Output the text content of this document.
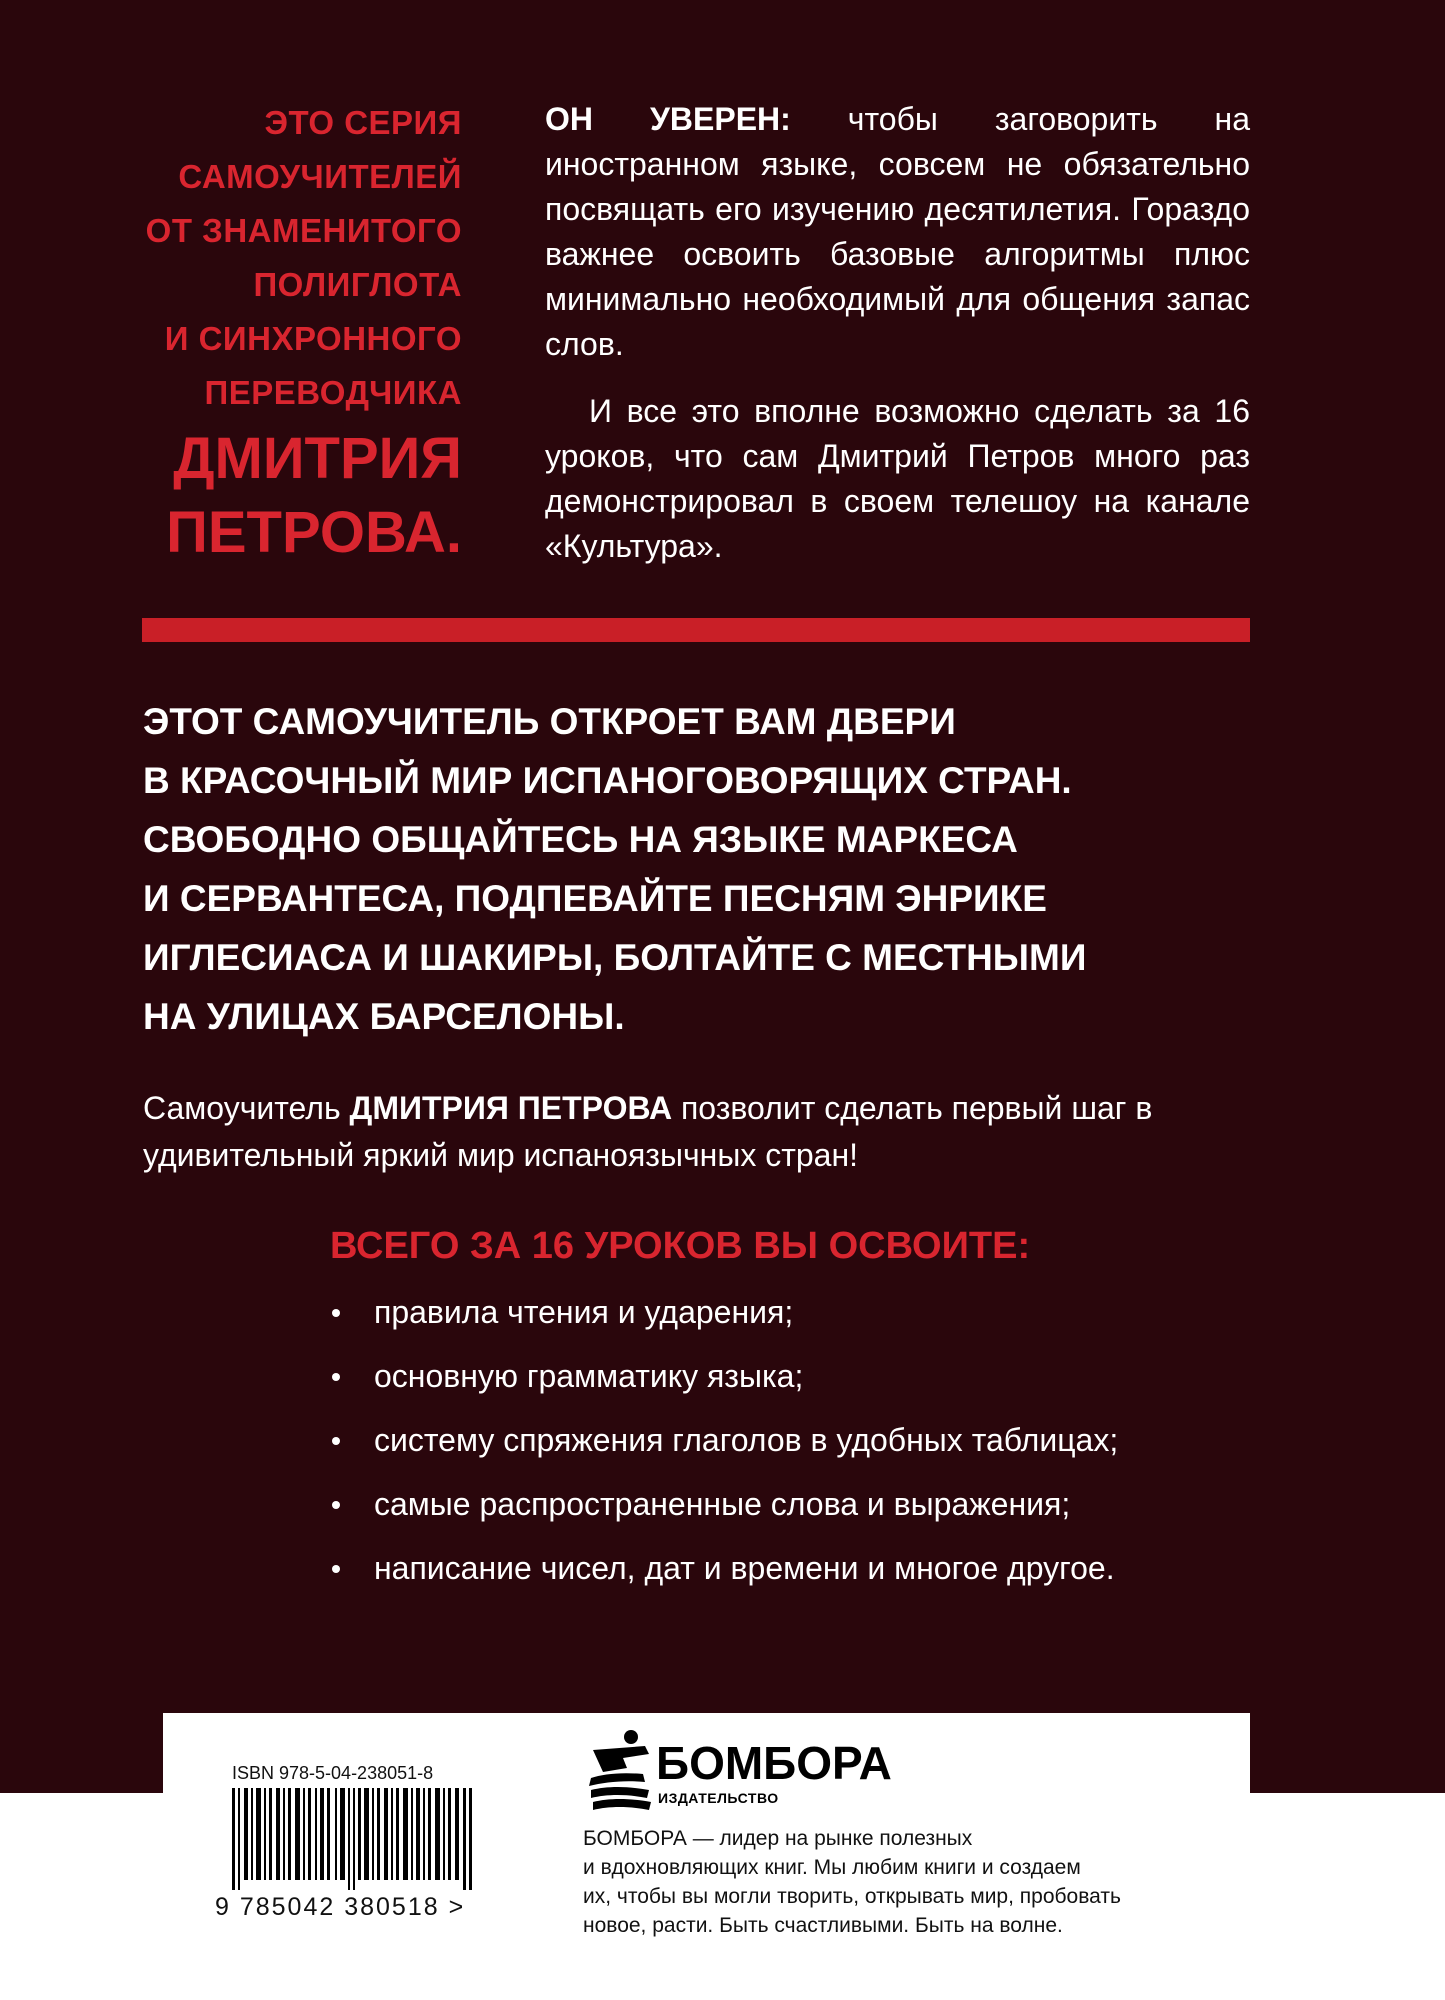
ЭТО СЕРИЯ
САМОУЧИТЕЛЕЙ
ОТ ЗНАМЕНИТОГО
ПОЛИГЛОТА
И СИНХРОННОГО
ПЕРЕВОДЧИКА
ДМИТРИЯ
ПЕТРОВА.

ОН УВЕРЕН: чтобы заговорить на иностранном языке, совсем не обязательно посвящать его изучению десятилетия. Гораздо важнее освоить базовые алгоритмы плюс минимально необходимый для общения запас слов.

И все это вполне возможно сделать за 16 уроков, что сам Дмитрий Петров много раз демонстрировал в своем телешоу на канале «Культура».

ЭТОТ САМОУЧИТЕЛЬ ОТКРОЕТ ВАМ ДВЕРИ
В КРАСОЧНЫЙ МИР ИСПАНОГОВОРЯЩИХ СТРАН.
СВОБОДНО ОБЩАЙТЕСЬ НА ЯЗЫКЕ МАРКЕСА
И СЕРВАНТЕСА, ПОДПЕВАЙТЕ ПЕСНЯМ ЭНРИКЕ
ИГЛЕСИАСА И ШАКИРЫ, БОЛТАЙТЕ С МЕСТНЫМИ
НА УЛИЦАХ БАРСЕЛОНЫ.

Самоучитель ДМИТРИЯ ПЕТРОВА позволит сделать первый шаг в удивительный яркий мир испаноязычных стран!

ВСЕГО ЗА 16 УРОКОВ ВЫ ОСВОИТЕ:
правила чтения и ударения;
основную грамматику языка;
систему спряжения глаголов в удобных таблицах;
самые распространенные слова и выражения;
написание чисел, дат и времени и многое другое.
ISBN 978-5-04-238051-8
9 785042 380518 >
БОМБОРА
ИЗДАТЕЛЬСТВО

БОМБОРА — лидер на рынке полезных
и вдохновляющих книг. Мы любим книги и создаем
их, чтобы вы могли творить, открывать мир, пробовать
новое, расти. Быть счастливыми. Быть на волне.
